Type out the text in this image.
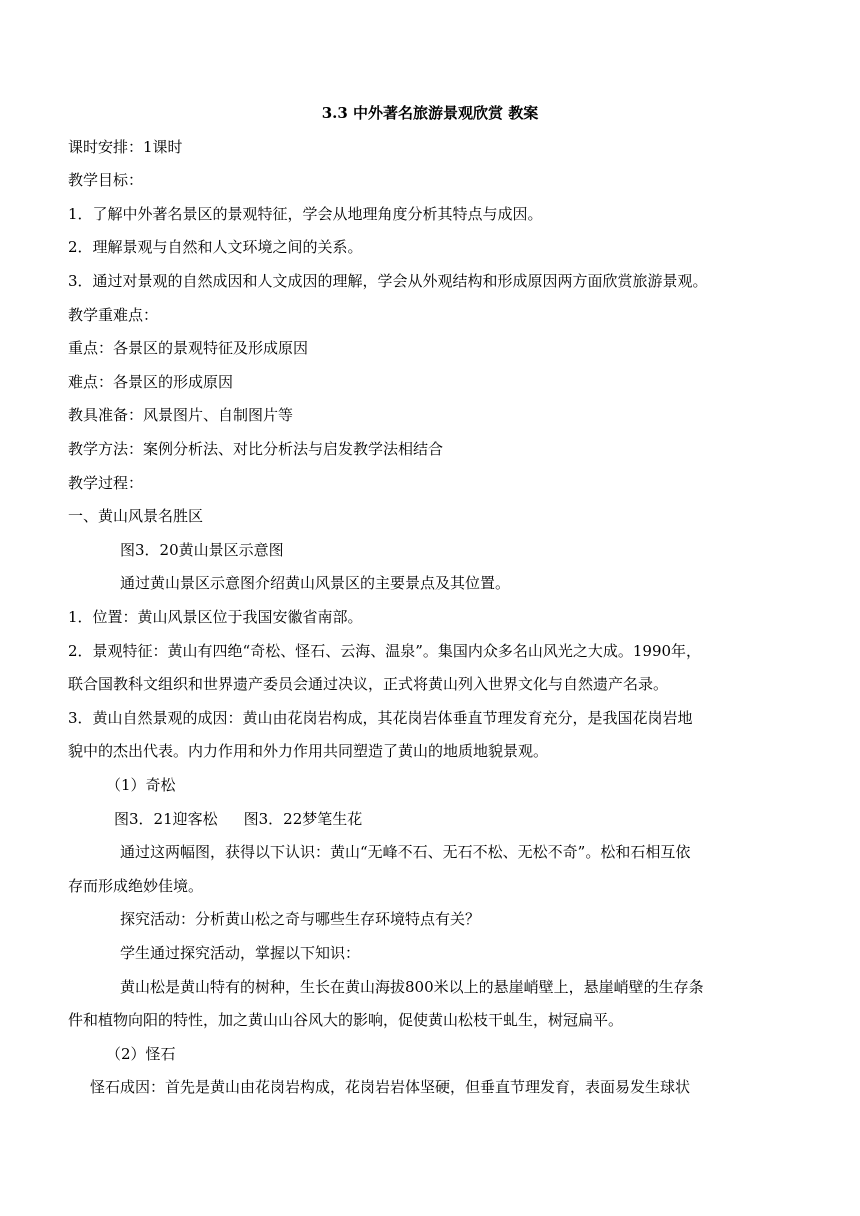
3.3 中外著名旅游景观欣赏 教案
课时安排：1课时
教学目标：
1．了解中外著名景区的景观特征，学会从地理角度分析其特点与成因。
2．理解景观与自然和人文环境之间的关系。
3．通过对景观的自然成因和人文成因的理解，学会从外观结构和形成原因两方面欣赏旅游景观。
教学重难点：
重点：各景区的景观特征及形成原因
难点：各景区的形成原因
教具准备：风景图片、自制图片等
教学方法：案例分析法、对比分析法与启发教学法相结合
教学过程：
一、黄山风景名胜区
图3．20黄山景区示意图
通过黄山景区示意图介绍黄山风景区的主要景点及其位置。
1．位置：黄山风景区位于我国安徽省南部。
2．景观特征：黄山有四绝“奇松、怪石、云海、温泉”。集国内众多名山风光之大成。1990年，
联合国教科文组织和世界遗产委员会通过决议，正式将黄山列入世界文化与自然遗产名录。
3．黄山自然景观的成因：黄山由花岗岩构成，其花岗岩体垂直节理发育充分，是我国花岗岩地
貌中的杰出代表。内力作用和外力作用共同塑造了黄山的地质地貌景观。
（1）奇松
图3．21迎客松 图3．22梦笔生花
通过这两幅图，获得以下认识：黄山“无峰不石、无石不松、无松不奇”。松和石相互依
存而形成绝妙佳境。
探究活动：分析黄山松之奇与哪些生存环境特点有关？
学生通过探究活动，掌握以下知识：
黄山松是黄山特有的树种，生长在黄山海拔800米以上的悬崖峭壁上，悬崖峭壁的生存条
件和植物向阳的特性，加之黄山山谷风大的影响，促使黄山松枝干虬生，树冠扁平。
（2）怪石
怪石成因：首先是黄山由花岗岩构成，花岗岩岩体坚硬，但垂直节理发育，表面易发生球状
